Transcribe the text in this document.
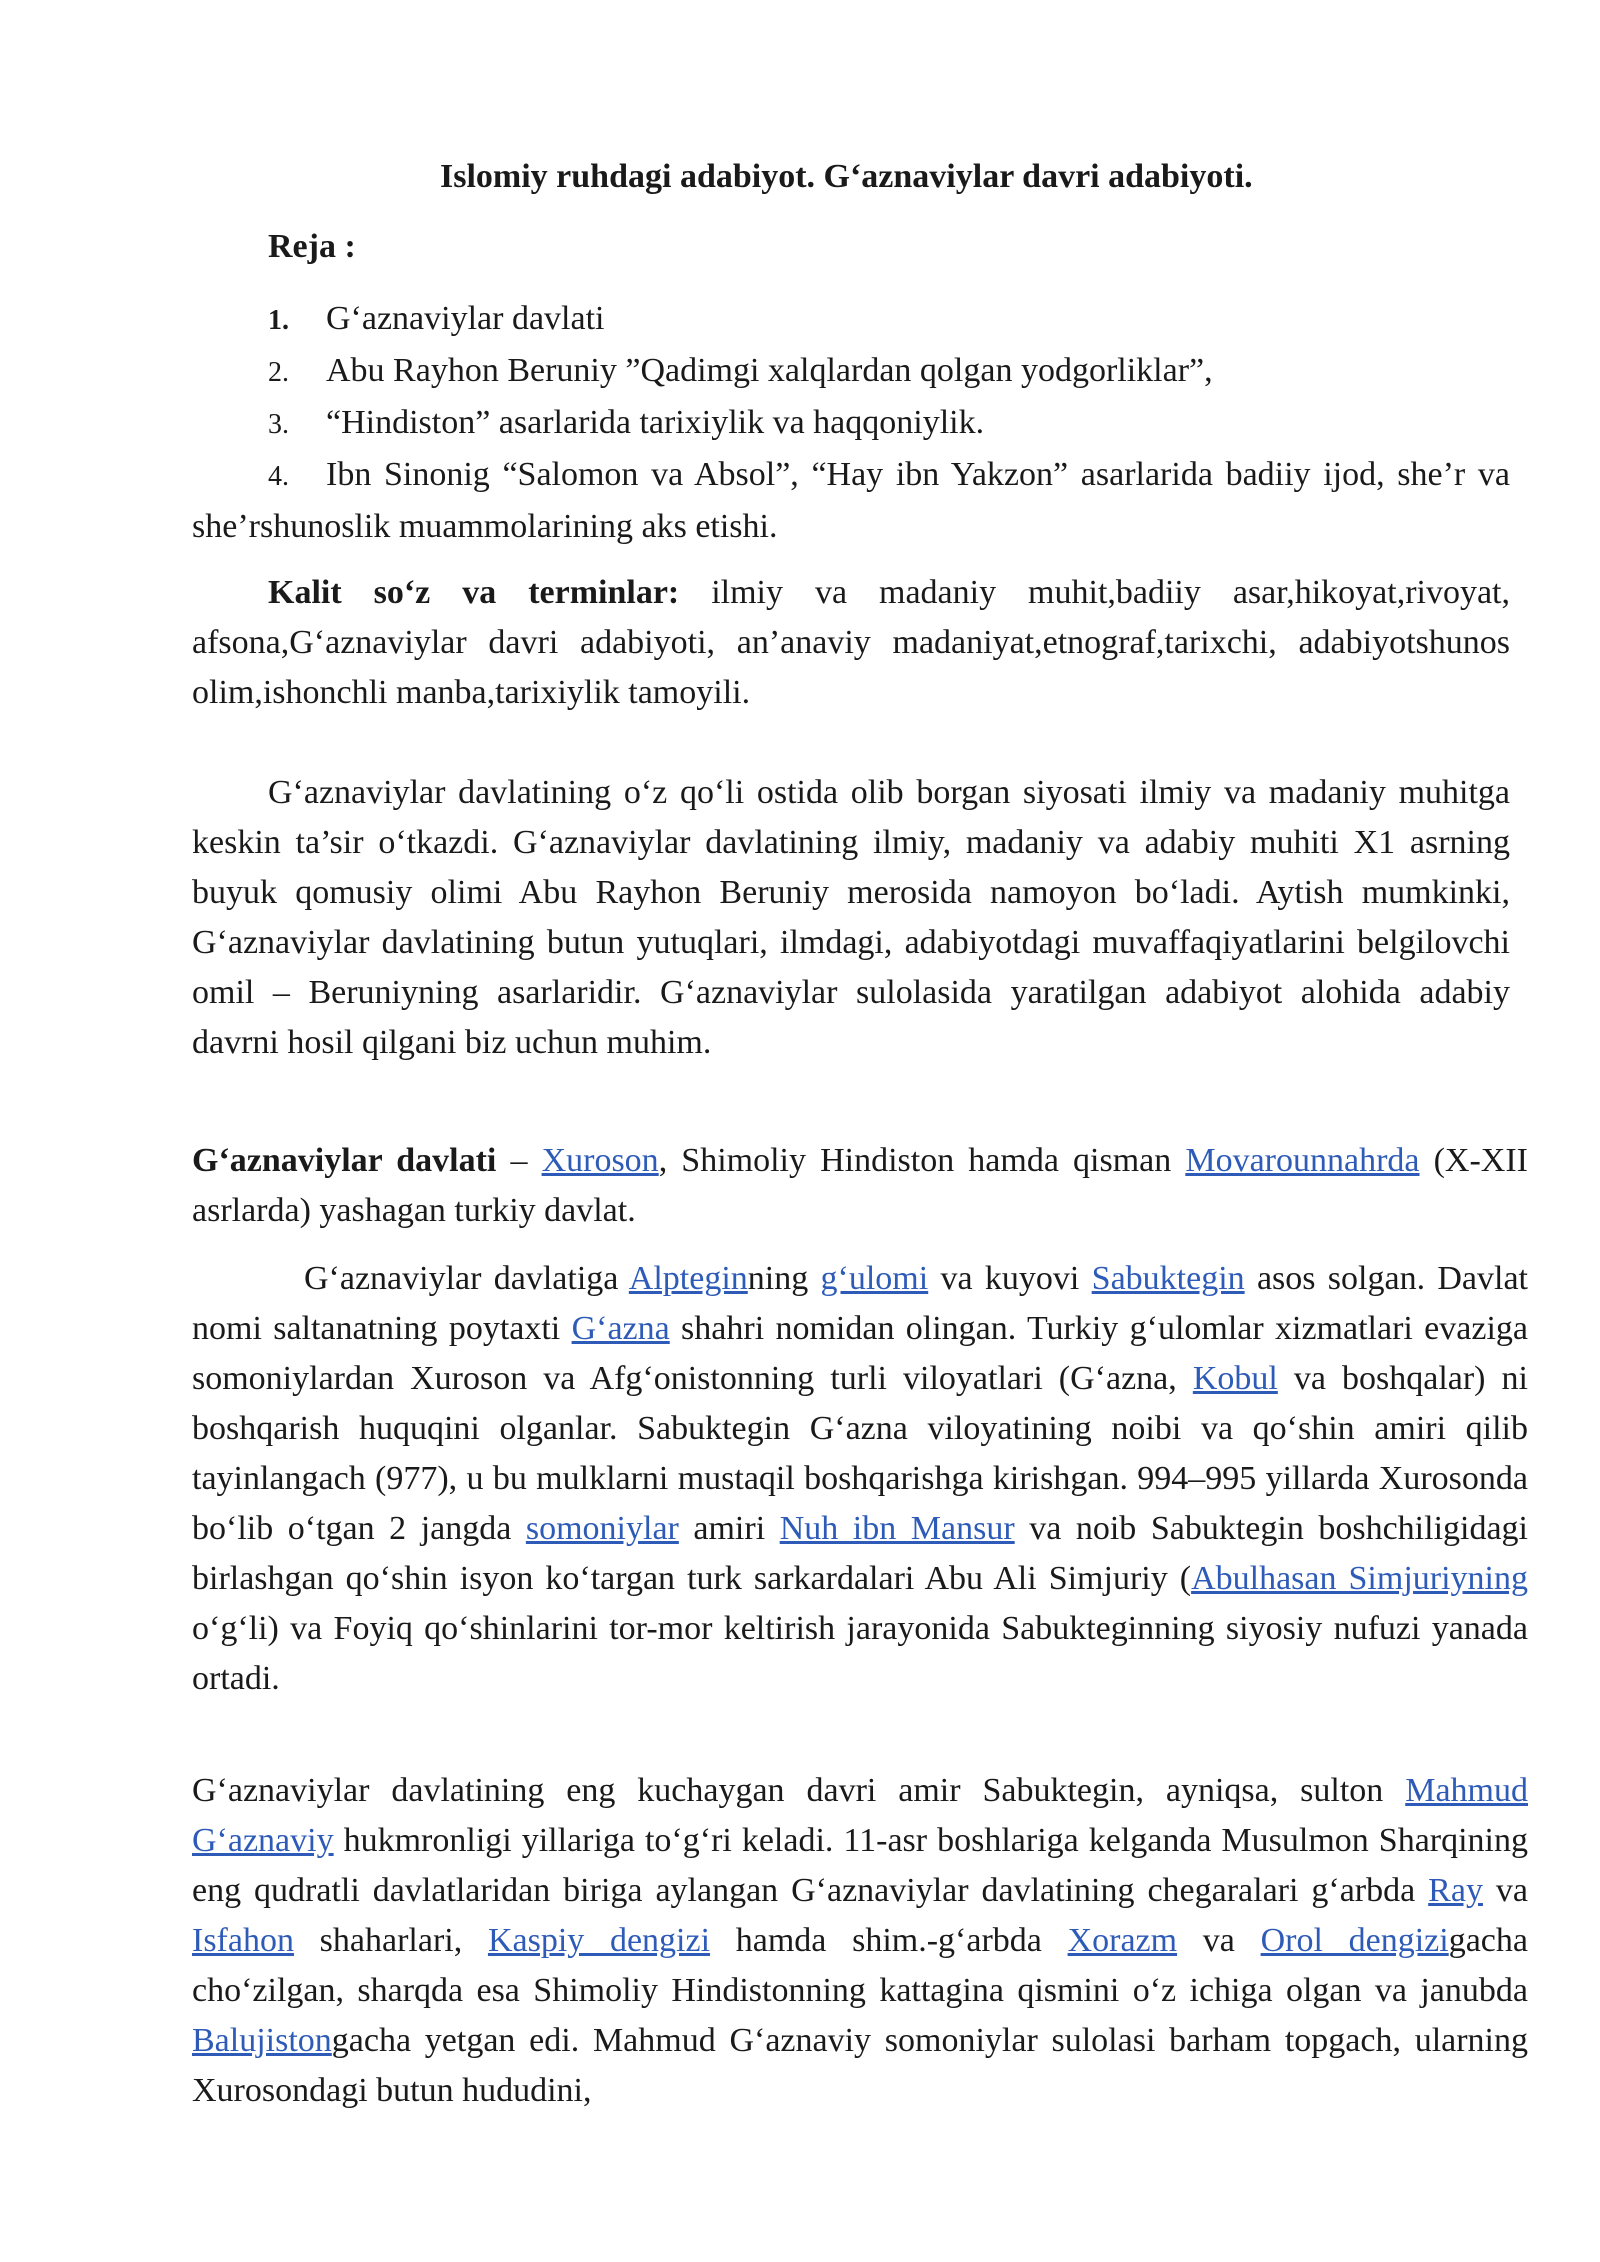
Islomiy ruhdagi adabiyot. G‘aznaviylar davri adabiyoti.
Reja :
1. G‘aznaviylar davlati
2. Abu Rayhon Beruniy ”Qadimgi xalqlardan qolgan yodgorliklar”,
3. “Hindiston” asarlarida tarixiylik va haqqoniylik.
4. Ibn Sinonig “Salomon va Absol”, “Hay ibn Yakzon” asarlarida badiiy ijod, she’r va she’rshunoslik muammolarining aks etishi.
Kalit so‘z va terminlar: ilmiy va madaniy muhit,badiiy asar,hikoyat,rivoyat, afsona,G‘aznaviylar davri adabiyoti, an’anaviy madaniyat,etnograf,tarixchi, adabiyotshunos olim,ishonchli manba,tarixiylik tamoyili.
G‘aznaviylar davlatining o‘z qo‘li ostida olib borgan siyosati ilmiy va madaniy muhitga keskin ta’sir o‘tkazdi. G‘aznaviylar davlatining ilmiy, madaniy va adabiy muhiti X1 asrning buyuk qomusiy olimi Abu Rayhon Beruniy merosida namoyon bo‘ladi. Aytish mumkinki, G‘aznaviylar davlatining butun yutuqlari, ilmdagi, adabiyotdagi muvaffaqiyatlarini belgilovchi omil – Beruniyning asarlaridir. G‘aznaviylar sulolasida yaratilgan adabiyot alohida adabiy davrni hosil qilgani biz uchun muhim.
G‘aznaviylar davlati – Xuroson, Shimoliy Hindiston hamda qisman Movarounnahrda (X-XII asrlarda) yashagan turkiy davlat.
G‘aznaviylar davlatiga Alpteginning g‘ulomi va kuyovi Sabuktegin asos solgan. Davlat nomi saltanatning poytaxti G‘azna shahri nomidan olingan. Turkiy g‘ulomlar xizmatlari evaziga somoniylardan Xuroson va Afg‘onistonning turli viloyatlari (G‘azna, Kobul va boshqalar) ni boshqarish huquqini olganlar. Sabuktegin G‘azna viloyatining noibi va qo‘shin amiri qilib tayinlangach (977), u bu mulklarni mustaqil boshqarishga kirishgan. 994–995 yillarda Xurosonda bo‘lib o‘tgan 2 jangda somoniylar amiri Nuh ibn Mansur va noib Sabuktegin boshchiligidagi birlashgan qo‘shin isyon ko‘targan turk sarkardalari Abu Ali Simjuriy (Abulhasan Simjuriyning o‘g‘li) va Foyiq qo‘shinlarini tor-mor keltirish jarayonida Sabukteginning siyosiy nufuzi yanada ortadi.
G‘aznaviylar davlatining eng kuchaygan davri amir Sabuktegin, ayniqsa, sulton Mahmud G‘aznaviy hukmronligi yillariga to‘g‘ri keladi. 11-asr boshlariga kelganda Musulmon Sharqining eng qudratli davlatlaridan biriga aylangan G‘aznaviylar davlatining chegaralari g‘arbda Ray va Isfahon shaharlari, Kaspiy dengizi hamda shim.-g‘arbda Xorazm va Orol dengizigacha cho‘zilgan, sharqda esa Shimoliy Hindistonning kattagina qismini o‘z ichiga olgan va janubda Balujistongacha yetgan edi. Mahmud G‘aznaviy somoniylar sulolasi barham topgach, ularning Xurosondagi butun hududini,
